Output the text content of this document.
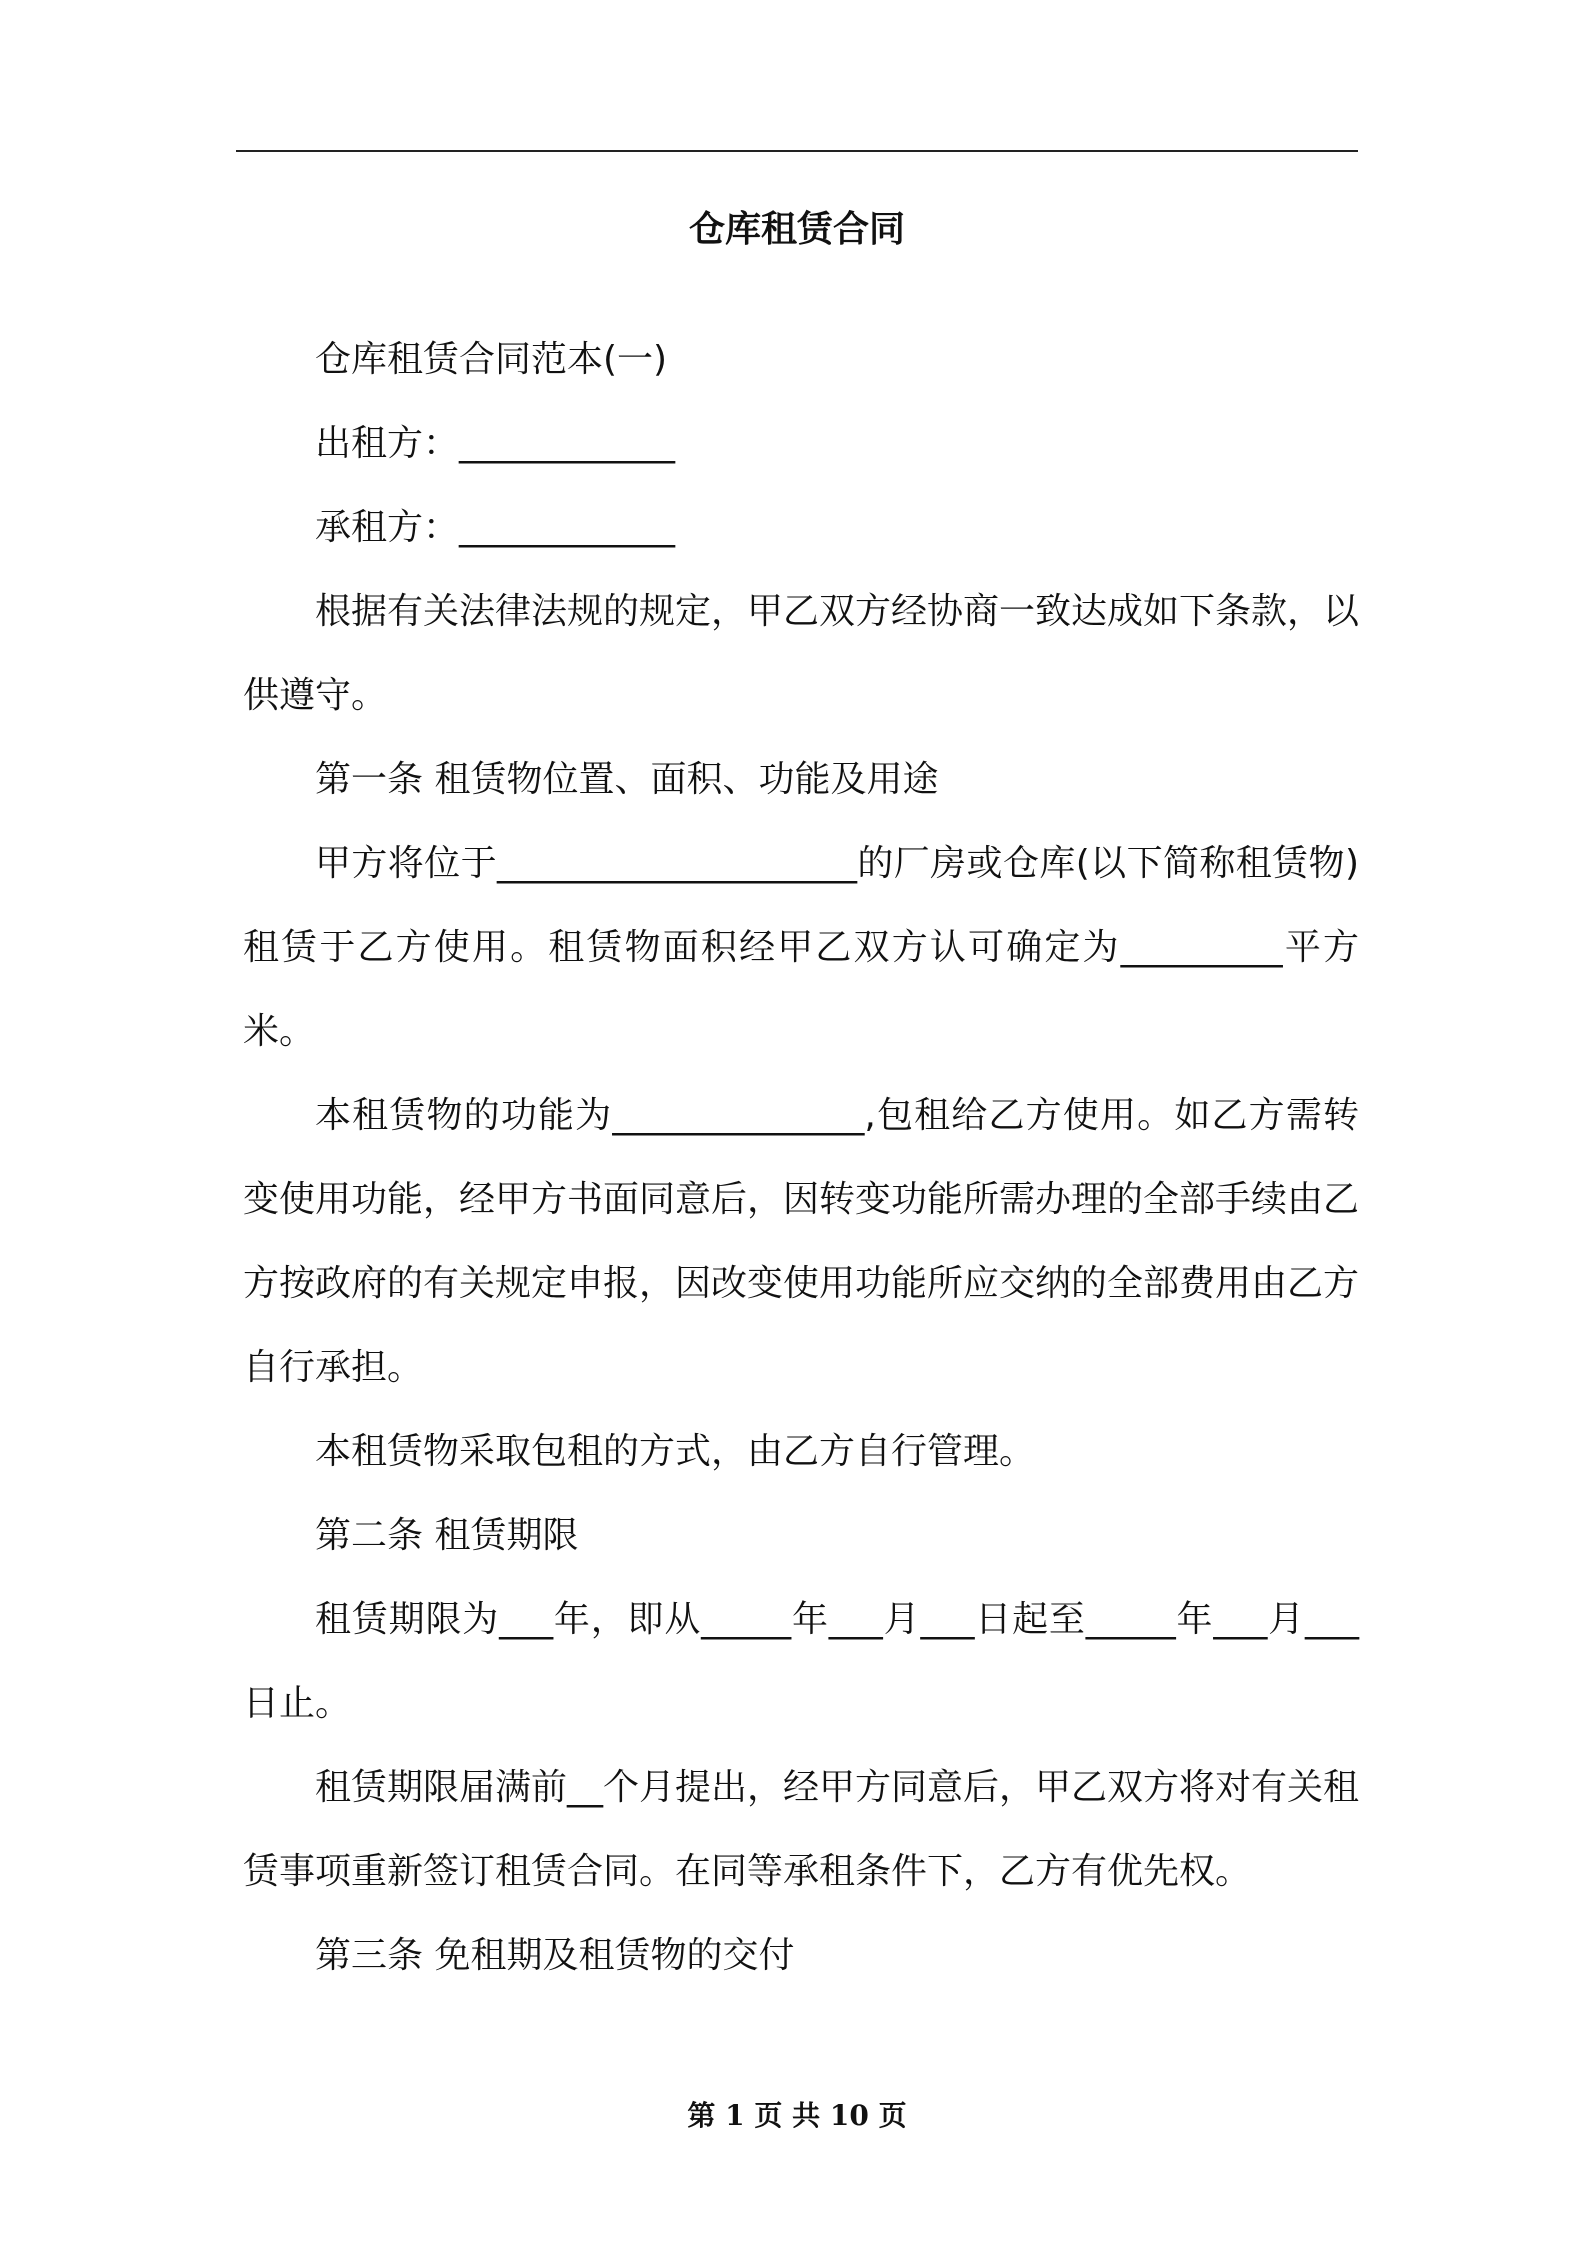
仓库租赁合同

仓库租赁合同范本(一)

出租方：____________

承租方：____________

根据有关法律法规的规定，甲乙双方经协商一致达成如下条款，以供遵守。

第一条 租赁物位置、面积、功能及用途

甲方将位于____________________的厂房或仓库(以下简称租赁物)租赁于乙方使用。租赁物面积经甲乙双方认可确定为_________平方米。

本租赁物的功能为______________,包租给乙方使用。如乙方需转变使用功能，经甲方书面同意后，因转变功能所需办理的全部手续由乙方按政府的有关规定申报，因改变使用功能所应交纳的全部费用由乙方自行承担。

本租赁物采取包租的方式，由乙方自行管理。

第二条 租赁期限

租赁期限为___年，即从_____年___月___日起至_____年___月___日止。

租赁期限届满前__个月提出，经甲方同意后，甲乙双方将对有关租赁事项重新签订租赁合同。在同等承租条件下，乙方有优先权。

第三条 免租期及租赁物的交付

第 1 页 共 10 页
